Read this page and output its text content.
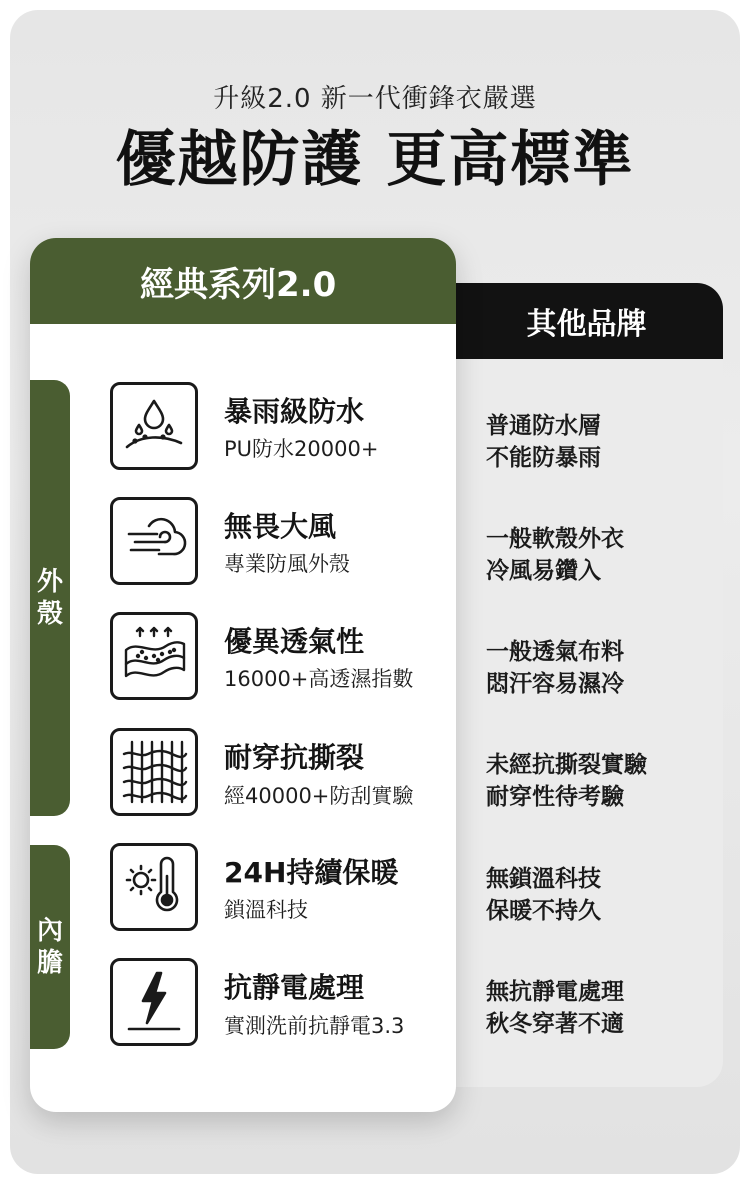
升級2.0 新一代衝鋒衣嚴選
優越防護 更高標準
其他品牌
普通防水層
不能防暴雨
一般軟殼外衣
冷風易鑽入
一般透氣布料
悶汗容易濕冷
未經抗撕裂實驗
耐穿性待考驗
無鎖溫科技
保暖不持久
無抗靜電處理
秋冬穿著不適
經典系列2.0
外
殼
內
膽
暴雨級防水
PU防水20000+
無畏大風
專業防風外殼
優異透氣性
16000+高透濕指數
耐穿抗撕裂
經40000+防刮實驗
24H持續保暖
鎖溫科技
抗靜電處理
實測洗前抗靜電3.3
